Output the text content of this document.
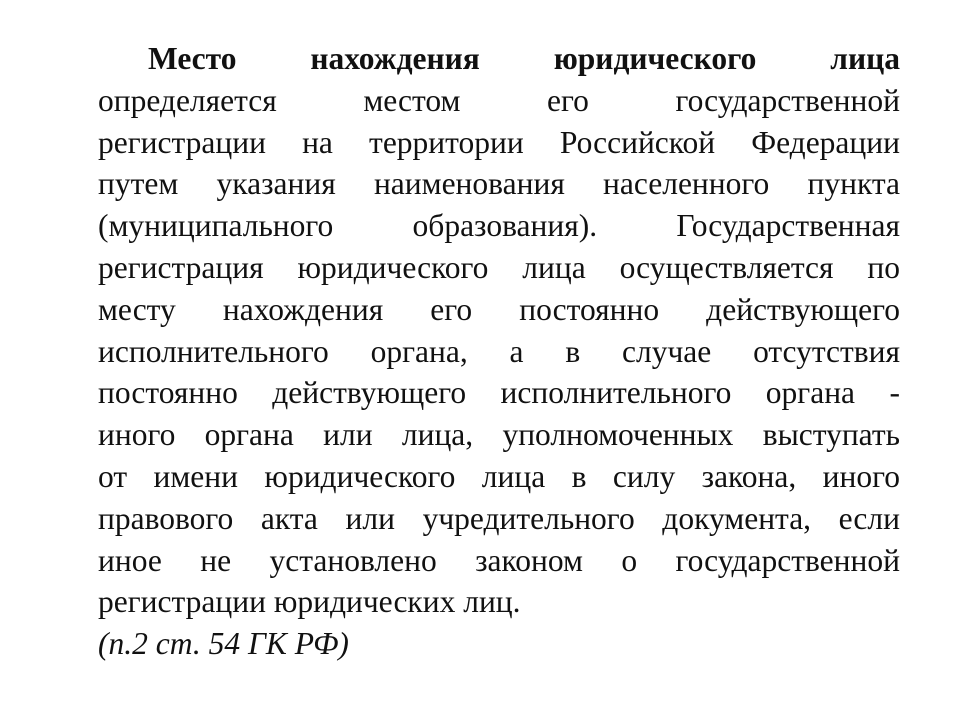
Место нахождения юридического лица
определяется местом его государственной
регистрации на территории Российской Федерации
путем указания наименования населенного пункта
(муниципального образования). Государственная
регистрация юридического лица осуществляется по
месту нахождения его постоянно действующего
исполнительного органа, а в случае отсутствия
постоянно действующего исполнительного органа -
иного органа или лица, уполномоченных выступать
от имени юридического лица в силу закона, иного
правового акта или учредительного документа, если
иное не установлено законом о государственной
регистрации юридических лиц.
(п.2 ст. 54 ГК РФ)
